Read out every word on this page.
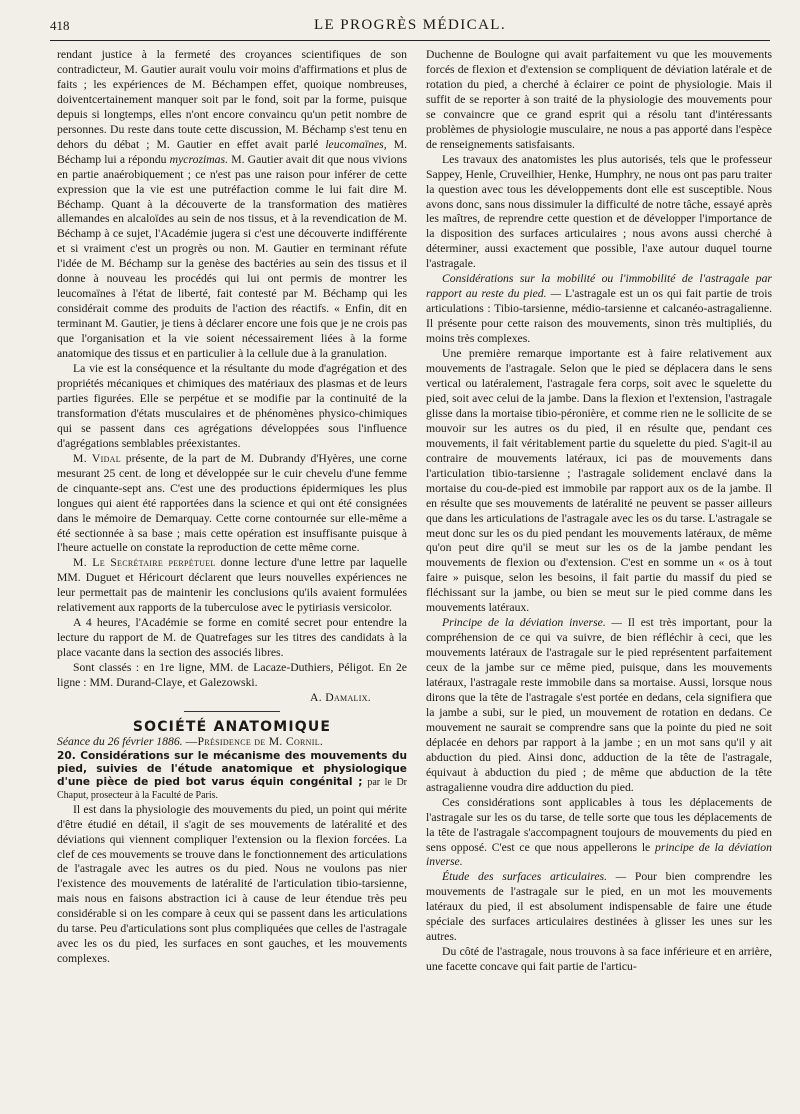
418	LE PROGRÈS MÉDICAL.

rendant justice à la fermeté des croyances scientifiques de son contradicteur, M. Gautier aurait voulu voir moins d'affirmations et plus de faits ; les expériences de M. Béchampen effet, quoique nombreuses, doiventcertainement manquer soit par le fond, soit par la forme, puisque depuis si longtemps, elles n'ont encore convaincu qu'un petit nombre de personnes. Du reste dans toute cette discussion, M. Béchamp s'est tenu en dehors du débat ; M. Gautier en effet avait parlé leucomaïnes, M. Béchamp lui a répondu mycrozimas. M. Gautier avait dit que nous vivions en partie anaérobiquement ; ce n'est pas une raison pour inférer de cette expression que la vie est une putréfaction comme le lui fait dire M. Béchamp. Quant à la découverte de la transformation des matières allemandes en alcaloïdes au sein de nos tissus, et à la revendication de M. Béchamp à ce sujet, l'Académie jugera si c'est une découverte indifférente et si vraiment c'est un progrès ou non. M. Gautier en terminant réfute l'idée de M. Béchamp sur la genèse des bactéries au sein des tissus et il donne à nouveau les procédés qui lui ont permis de montrer les leucomaïnes à l'état de liberté, fait contesté par M. Béchamp qui les considérait comme des produits de l'action des réactifs. « Enfin, dit en terminant M. Gautier, je tiens à déclarer encore une fois que je ne crois pas que l'organisation et la vie soient nécessairement liées à la forme anatomique des tissus et en particulier à la cellule due à la granulation.

La vie est la conséquence et la résultante du mode d'agrégation et des propriétés mécaniques et chimiques des matériaux des plasmas et de leurs parties figurées. Elle se perpétue et se modifie par la continuité de la transformation d'états musculaires et de phénomènes physico-chimiques qui se passent dans ces agrégations développées sous l'influence d'agrégations semblables préexistantes.

M. Vidal présente, de la part de M. Dubrandy d'Hyères, une corne mesurant 25 cent. de long et développée sur le cuir chevelu d'une femme de cinquante-sept ans. C'est une des productions épidermiques les plus longues qui aient été rapportées dans la science et qui ont été consignées dans le mémoire de Demarquay. Cette corne contournée sur elle-même a été sectionnée à sa base ; mais cette opération est insuffisante puisque à l'heure actuelle on constate la reproduction de cette même corne.

M. Le Secrétaire perpétuel donne lecture d'une lettre par laquelle MM. Duguet et Héricourt déclarent que leurs nouvelles expériences ne leur permettait pas de maintenir les conclusions qu'ils avaient formulées relativement aux rapports de la tuberculose avec le pytiriasis versicolor.

A 4 heures, l'Académie se forme en comité secret pour entendre la lecture du rapport de M. de Quatrefages sur les titres des candidats à la place vacante dans la section des associés libres.

Sont classés : en 1re ligne, MM. de Lacaze-Duthiers, Péligot. En 2e ligne : MM. Durand-Claye, et Galezowski.

A. Damalix.

SOCIÉTÉ ANATOMIQUE

Séance du 26 février 1886. —Présidence de M. Cornil.

20. Considérations sur le mécanisme des mouvements du pied, suivies de l'étude anatomique et physiologique d'une pièce de pied bot varus équin congénital ; par le Dr Chaput, prosecteur à la Faculté de Paris.

Il est dans la physiologie des mouvements du pied, un point qui mérite d'être étudié en détail, il s'agit de ses mouvements de latéralité et des déviations qui viennent compliquer l'extension ou la flexion forcées. La clef de ces mouvements se trouve dans le fonctionnement des articulations de l'astragale avec les autres os du pied. Nous ne voulons pas nier l'existence des mouvements de latéralité de l'articulation tibio-tarsienne, mais nous en faisons abstraction ici à cause de leur étendue très peu considérable si on les compare à ceux qui se passent dans les articulations du tarse. Peu d'articulations sont plus compliquées que celles de l'astragale avec les os du pied, les surfaces en sont gauches, et les mouvements complexes.

Duchenne de Boulogne qui avait parfaitement vu que les mouvements forcés de flexion et d'extension se compliquent de déviation latérale et de rotation du pied, a cherché à éclairer ce point de physiologie. Mais il suffit de se reporter à son traité de la physiologie des mouvements pour se convaincre que ce grand esprit qui a résolu tant d'intéressants problèmes de physiologie musculaire, ne nous a pas apporté dans l'espèce de renseignements satisfaisants.

Les travaux des anatomistes les plus autorisés, tels que le professeur Sappey, Henle, Cruveilhier, Henke, Humphry, ne nous ont pas paru traiter la question avec tous les développements dont elle est susceptible. Nous avons donc, sans nous dissimuler la difficulté de notre tâche, essayé après les maîtres, de reprendre cette question et de développer l'importance de la disposition des surfaces articulaires ; nous avons aussi cherché à déterminer, aussi exactement que possible, l'axe autour duquel tourne l'astragale.

Considérations sur la mobilité ou l'immobilité de l'astragale par rapport au reste du pied. — L'astragale est un os qui fait partie de trois articulations : Tibio-tarsienne, médio-tarsienne et calcanéo-astragalienne. Il présente pour cette raison des mouvements, sinon très multipliés, du moins très complexes.

Une première remarque importante est à faire relativement aux mouvements de l'astragale. Selon que le pied se déplacera dans le sens vertical ou latéralement, l'astragale fera corps, soit avec le squelette du pied, soit avec celui de la jambe. Dans la flexion et l'extension, l'astragale glisse dans la mortaise tibio-péronière, et comme rien ne le sollicite de se mouvoir sur les autres os du pied, il en résulte que, pendant ces mouvements, il fait véritablement partie du squelette du pied. S'agit-il au contraire de mouvements latéraux, ici pas de mouvements dans l'articulation tibio-tarsienne ; l'astragale solidement enclavé dans la mortaise du cou-de-pied est immobile par rapport aux os de la jambe. Il en résulte que ses mouvements de latéralité ne peuvent se passer ailleurs que dans les articulations de l'astragale avec les os du tarse. L'astragale se meut donc sur les os du pied pendant les mouvements latéraux, de même qu'on peut dire qu'il se meut sur les os de la jambe pendant les mouvements de flexion ou d'extension. C'est en somme un « os à tout faire » puisque, selon les besoins, il fait partie du massif du pied se fléchissant sur la jambe, ou bien se meut sur le pied comme dans les mouvements latéraux.

Principe de la déviation inverse. — Il est très important, pour la compréhension de ce qui va suivre, de bien réfléchir à ceci, que les mouvements latéraux de l'astragale sur le pied représentent parfaitement ceux de la jambe sur ce même pied, puisque, dans les mouvements latéraux, l'astragale reste immobile dans sa mortaise. Aussi, lorsque nous dirons que la tête de l'astragale s'est portée en dedans, cela signifiera que la jambe a subi, sur le pied, un mouvement de rotation en dedans. Ce mouvement ne saurait se comprendre sans que la pointe du pied ne soit déplacée en dehors par rapport à la jambe ; en un mot sans qu'il y ait abduction du pied. Ainsi donc, adduction de la tête de l'astragale, équivaut à abduction du pied ; de même que abduction de la tête astragalienne voudra dire adduction du pied.

Ces considérations sont applicables à tous les déplacements de l'astragale sur les os du tarse, de telle sorte que tous les déplacements de la tête de l'astragale s'accompagnent toujours de mouvements du pied en sens opposé. C'est ce que nous appellerons le principe de la déviation inverse.

Étude des surfaces articulaires. — Pour bien comprendre les mouvements de l'astragale sur le pied, en un mot les mouvements latéraux du pied, il est absolument indispensable de faire une étude spéciale des surfaces articulaires destinées à glisser les unes sur les autres.

Du côté de l'astragale, nous trouvons à sa face inférieure et en arrière, une facette concave qui fait partie de l'articu-
